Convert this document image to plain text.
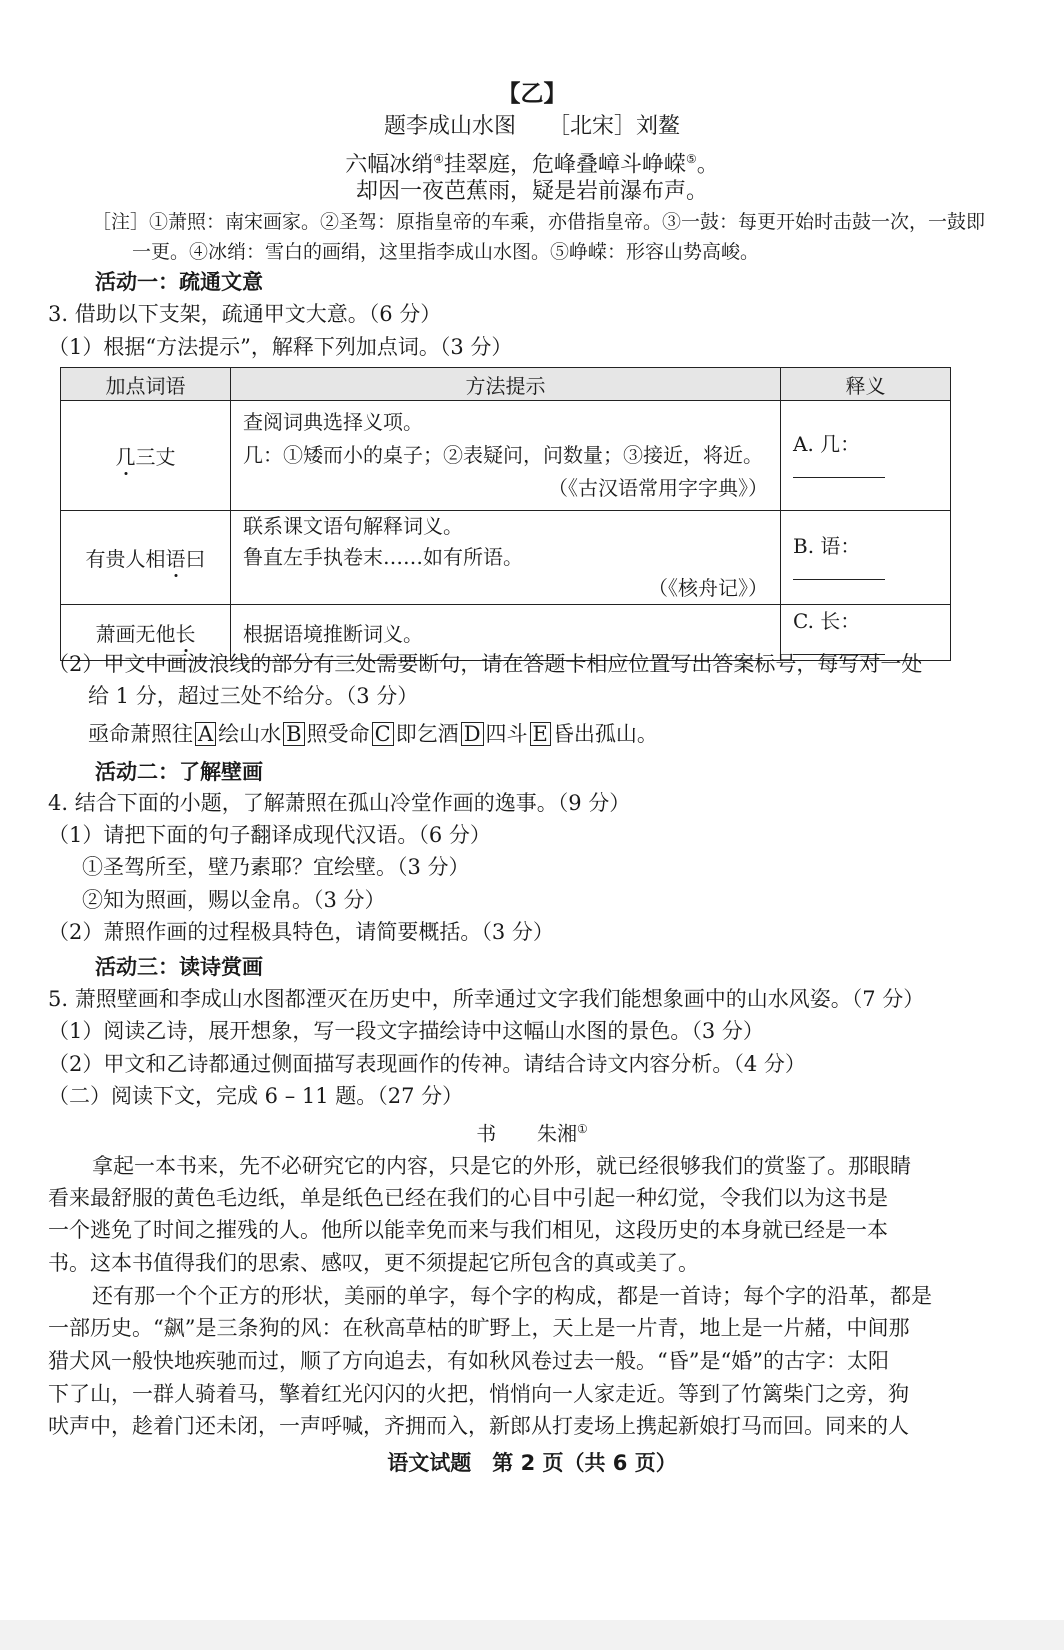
【乙】
题李成山水图 ［北宋］刘鳌
六幅冰绡④挂翠庭，危峰叠嶂斗峥嵘⑤。
却因一夜芭蕉雨，疑是岩前瀑布声。
［注］①萧照：南宋画家。②圣驾：原指皇帝的车乘，亦借指皇帝。③一鼓：每更开始时击鼓一次，一鼓即
一更。④冰绡：雪白的画绢，这里指李成山水图。⑤峥嵘：形容山势高峻。
活动一：疏通文意
3. 借助以下支架，疏通甲文大意。（6 分）
（1）根据“方法提示”，解释下列加点词。（3 分）
加点词语	方法提示	释义
几三丈	查阅词典选择义项。
几：①矮而小的桌子；②表疑问，问数量；③接近，将近。
（《古汉语常用字字典》）	A. 几：
有贵人相语曰	联系课文语句解释词义。
鲁直左手执卷末……如有所语。
（《核舟记》）	B. 语：
萧画无他长	根据语境推断词义。	C. 长：
（2）甲文中画波浪线的部分有三处需要断句，请在答题卡相应位置写出答案标号，每写对一处
给 1 分，超过三处不给分。（3 分）
亟命萧照往 A 绘山水 B 照受命 C 即乞酒 D 四斗 E 昏出孤山。
活动二：了解壁画
4. 结合下面的小题，了解萧照在孤山冷堂作画的逸事。（9 分）
（1）请把下面的句子翻译成现代汉语。（6 分）
①圣驾所至，壁乃素耶？宜绘壁。（3 分）
②知为照画，赐以金帛。（3 分）
（2）萧照作画的过程极具特色，请简要概括。（3 分）
活动三：读诗赏画
5. 萧照壁画和李成山水图都湮灭在历史中，所幸通过文字我们能想象画中的山水风姿。（7 分）
（1）阅读乙诗，展开想象，写一段文字描绘诗中这幅山水图的景色。（3 分）
（2）甲文和乙诗都通过侧面描写表现画作的传神。请结合诗文内容分析。（4 分）
（二）阅读下文，完成 6 – 11 题。（27 分）
书 朱湘①
拿起一本书来，先不必研究它的内容，只是它的外形，就已经很够我们的赏鉴了。那眼睛
看来最舒服的黄色毛边纸，单是纸色已经在我们的心目中引起一种幻觉，令我们以为这书是
一个逃免了时间之摧残的人。他所以能幸免而来与我们相见，这段历史的本身就已经是一本
书。这本书值得我们的思索、感叹，更不须提起它所包含的真或美了。
还有那一个个正方的形状，美丽的单字，每个字的构成，都是一首诗；每个字的沿革，都是
一部历史。“飙”是三条狗的风：在秋高草枯的旷野上，天上是一片青，地上是一片赭，中间那
猎犬风一般快地疾驰而过，顺了方向追去，有如秋风卷过去一般。“昏”是“婚”的古字：太阳
下了山，一群人骑着马，擎着红光闪闪的火把，悄悄向一人家走近。等到了竹篱柴门之旁，狗
吠声中，趁着门还未闭，一声呼喊，齐拥而入，新郎从打麦场上携起新娘打马而回。同来的人
语文试题　第 2 页（共 6 页）
